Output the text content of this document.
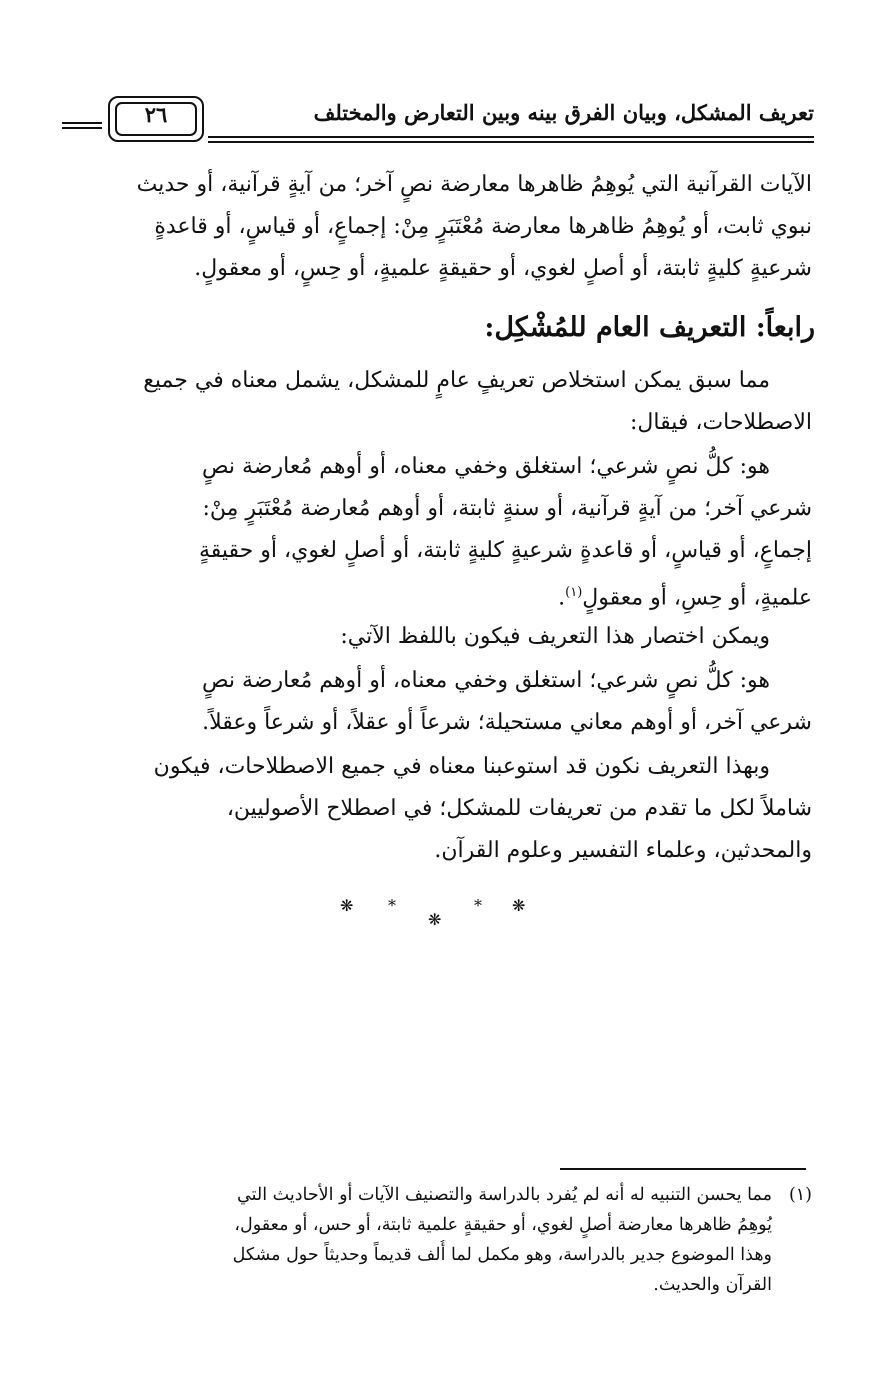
تعريف المشكل، وبيان الفرق بينه وبين التعارض والمختلف
٢٦
الآيات القرآنية التي يُوهِمُ ظاهرها معارضة نصٍ آخر؛ من آيةٍ قرآنية، أو حديث
نبوي ثابت، أو يُوهِمُ ظاهرها معارضة مُعْتَبَرٍ مِنْ: إجماعٍ، أو قياسٍ، أو قاعدةٍ
شرعيةٍ كليةٍ ثابتة، أو أصلٍ لغوي، أو حقيقةٍ علميةٍ، أو حِسٍ، أو معقولٍ.
رابعاً: التعريف العام للمُشْكِل:
مما سبق يمكن استخلاص تعريفٍ عامٍ للمشكل، يشمل معناه في جميع
الاصطلاحات، فيقال:
هو: كلُّ نصٍ شرعي؛ استغلق وخفي معناه، أو أوهم مُعارضة نصٍ
شرعي آخر؛ من آيةٍ قرآنية، أو سنةٍ ثابتة، أو أوهم مُعارضة مُعْتَبَرٍ مِنْ:
إجماعٍ، أو قياسٍ، أو قاعدةٍ شرعيةٍ كليةٍ ثابتة، أو أصلٍ لغوي، أو حقيقةٍ
علميةٍ، أو حِسٍ، أو معقولٍ$^{(١)}$.
ويمكن اختصار هذا التعريف فيكون باللفظ الآتي:
هو: كلُّ نصٍ شرعي؛ استغلق وخفي معناه، أو أوهم مُعارضة نصٍ
شرعي آخر، أو أوهم معاني مستحيلة؛ شرعاً أو عقلاً، أو شرعاً وعقلاً.
وبهذا التعريف نكون قد استوعبنا معناه في جميع الاصطلاحات، فيكون
شاملاً لكل ما تقدم من تعريفات للمشكل؛ في اصطلاح الأصوليين،
والمحدثين، وعلماء التفسير وعلوم القرآن.
❋ *
❋
* ❋
(١)مما يحسن التنبيه له أنه لم يُفرد بالدراسة والتصنيف الآيات أو الأحاديث التي
يُوهِمُ ظاهرها معارضة أصلٍ لغوي، أو حقيقةٍ علمية ثابتة، أو حس، أو معقول،
وهذا الموضوع جدير بالدراسة، وهو مكمل لما أُلف قديماً وحديثاً حول مشكل
القرآن والحديث.
